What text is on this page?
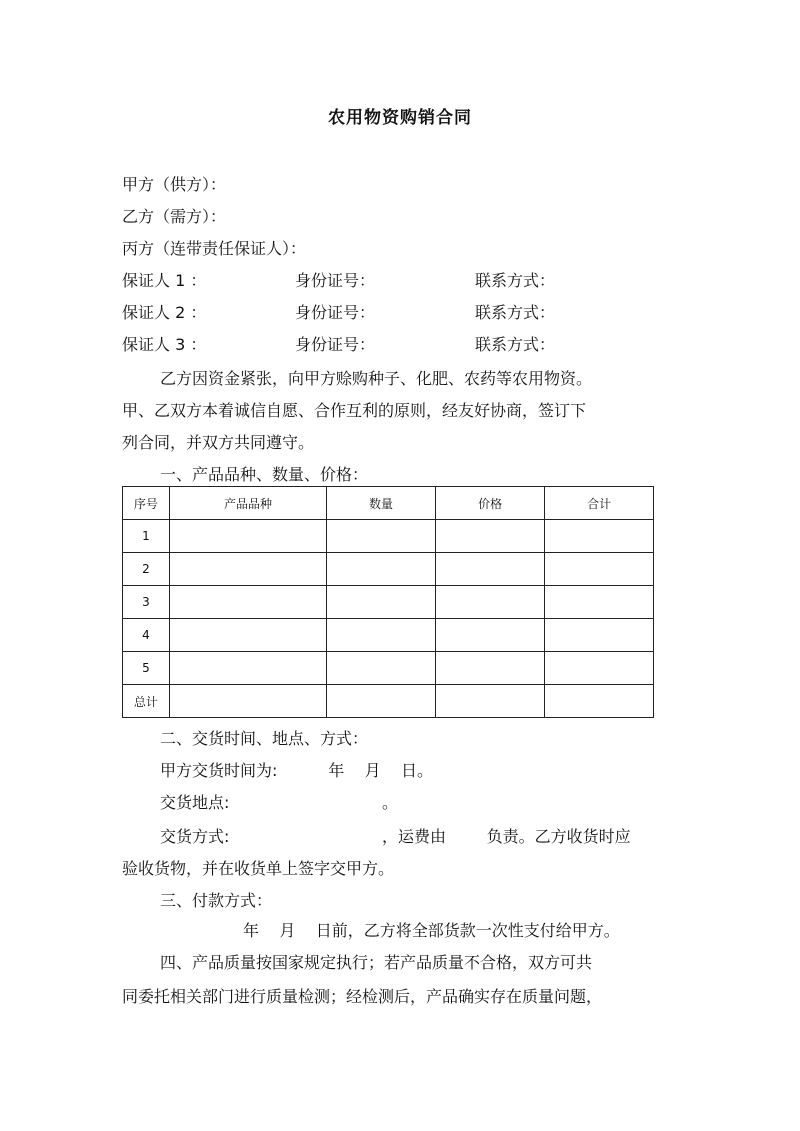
农用物资购销合同
甲方（供方）：
乙方（需方）：
丙方（连带责任保证人）：
保证人 1 ：	身份证号：	联系方式：
保证人 2 ：	身份证号：	联系方式：
保证人 3 ：	身份证号：	联系方式：
乙方因资金紧张，向甲方赊购种子、化肥、农药等农用物资。
甲、乙双方本着诚信自愿、合作互利的原则，经友好协商，签订下
列合同，并双方共同遵守。
一、产品品种、数量、价格：
序号	产品品种	数量	价格	合计
1				
2				
3				
4				
5				
总计				
二、交货时间、地点、方式：
甲方交货时间为:          年    月    日。
交货地点:                              。
交货方式:                              ，运费由        负责。乙方收货时应
验收货物，并在收货单上签字交甲方。
三、付款方式：
年    月    日前，乙方将全部货款一次性支付给甲方。
四、产品质量按国家规定执行；若产品质量不合格，双方可共
同委托相关部门进行质量检测；经检测后，产品确实存在质量问题，
